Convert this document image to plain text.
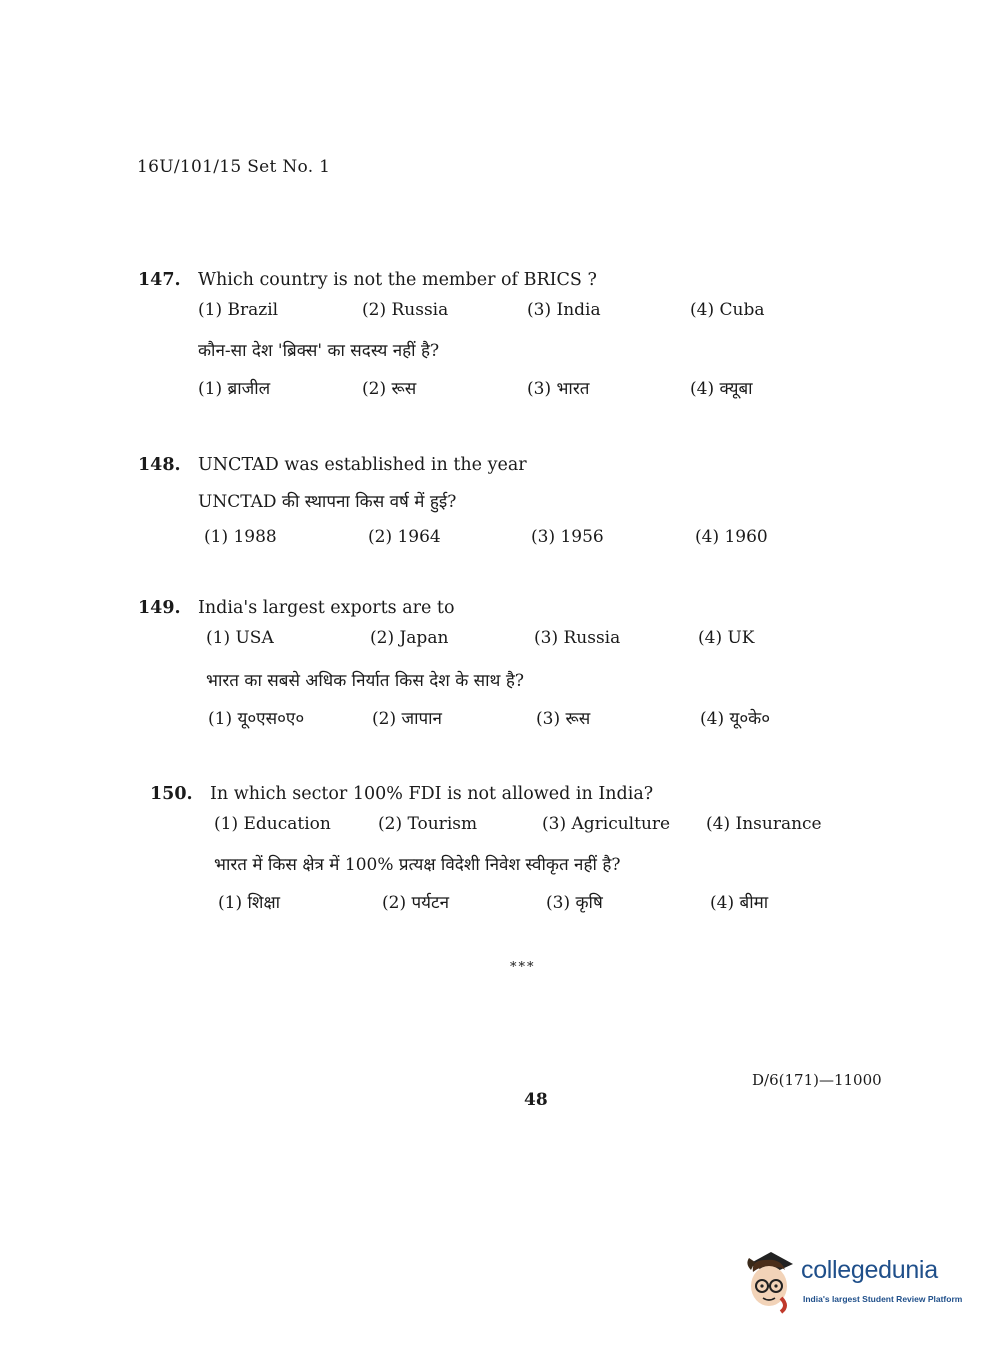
16U/101/15 Set No. 1
147. Which country is not the member of BRICS ?
(1) Brazil	(2) Russia	(3) India	(4) Cuba
कौन-सा देश 'ब्रिक्स' का सदस्य नहीं है?
(1) ब्राजील	(2) रूस	(3) भारत	(4) क्यूबा
148. UNCTAD was established in the year
UNCTAD की स्थापना किस वर्ष में हुई?
(1) 1988	(2) 1964	(3) 1956	(4) 1960
149. India's largest exports are to
(1) USA	(2) Japan	(3) Russia	(4) UK
भारत का सबसे अधिक निर्यात किस देश के साथ है?
(1) यू०एस०ए०	(2) जापान	(3) रूस	(4) यू०के०
150. In which sector 100% FDI is not allowed in India?
(1) Education	(2) Tourism	(3) Agriculture (4) Insurance
भारत में किस क्षेत्र में 100% प्रत्यक्ष विदेशी निवेश स्वीकृत नहीं है?
(1) शिक्षा	(2) पर्यटन	(3) कृषि	(4) बीमा
***
48
D/6(171)—11000
collegedunia
India's largest Student Review Platform
